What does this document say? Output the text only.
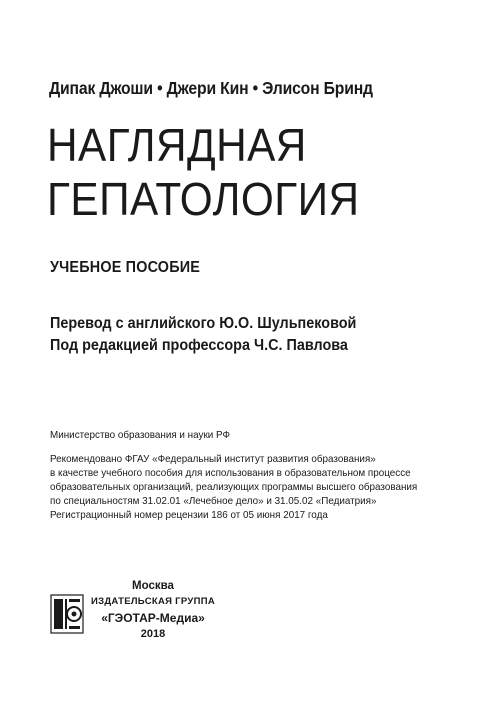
Дипак Джоши • Джери Кин • Элисон Бринд
НАГЛЯДНАЯ
ГЕПАТОЛОГИЯ
УЧЕБНОЕ ПОСОБИЕ
Перевод с английского Ю.О. Шульпековой
Под редакцией профессора Ч.С. Павлова
Министерство образования и науки РФ
Рекомендовано ФГАУ «Федеральный институт развития образования»
в качестве учебного пособия для использования в образовательном процессе
образовательных организаций, реализующих программы высшего образования
по специальностям 31.02.01 «Лечебное дело» и 31.05.02 «Педиатрия»
Регистрационный номер рецензии 186 от 05 июня 2017 года
Москва
ИЗДАТЕЛЬСКАЯ ГРУППА
«ГЭОТАР-Медиа»
2018
